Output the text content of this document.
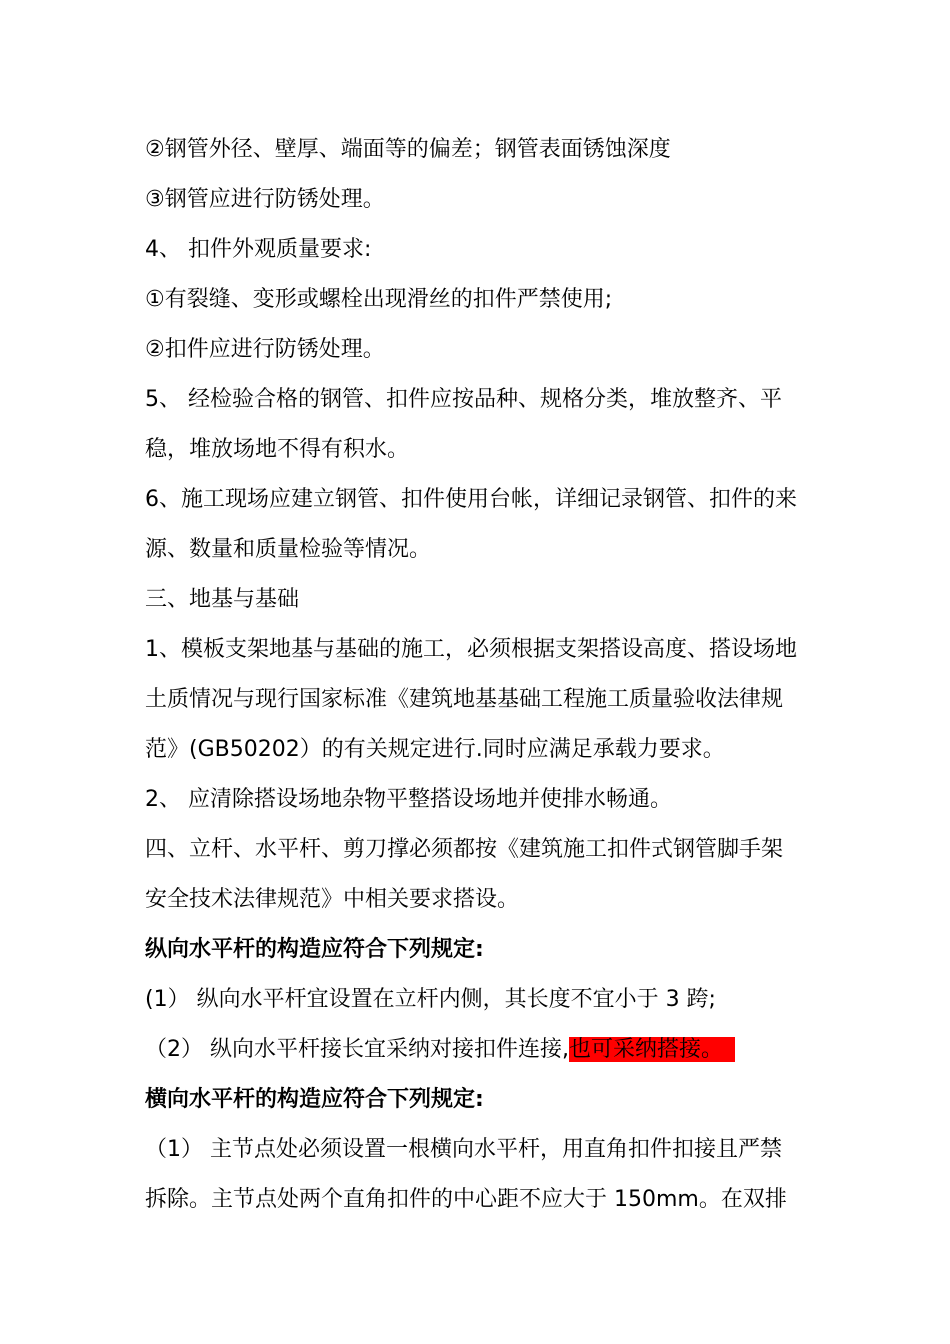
②钢管外径、壁厚、端面等的偏差；钢管表面锈蚀深度
③钢管应进行防锈处理。
4、 扣件外观质量要求:
①有裂缝、变形或螺栓出现滑丝的扣件严禁使用;
②扣件应进行防锈处理。
5、 经检验合格的钢管、扣件应按品种、规格分类，堆放整齐、平
稳，堆放场地不得有积水。
6、施工现场应建立钢管、扣件使用台帐，详细记录钢管、扣件的来
源、数量和质量检验等情况。
三、地基与基础
1、模板支架地基与基础的施工，必须根据支架搭设高度、搭设场地
土质情况与现行国家标准《建筑地基基础工程施工质量验收法律规
范》(GB50202）的有关规定进行.同时应满足承载力要求。
2、 应清除搭设场地杂物平整搭设场地并使排水畅通。
四、立杆、水平杆、剪刀撑必须都按《建筑施工扣件式钢管脚手架
安全技术法律规范》中相关要求搭设。
纵向水平杆的构造应符合下列规定:
(1） 纵向水平杆宜设置在立杆内侧，其长度不宜小于 3 跨;
（2） 纵向水平杆接长宜采纳对接扣件连接,也可采纳搭接。
横向水平杆的构造应符合下列规定:
（1） 主节点处必须设置一根横向水平杆，用直角扣件扣接且严禁
拆除。主节点处两个直角扣件的中心距不应大于 150mm。在双排
